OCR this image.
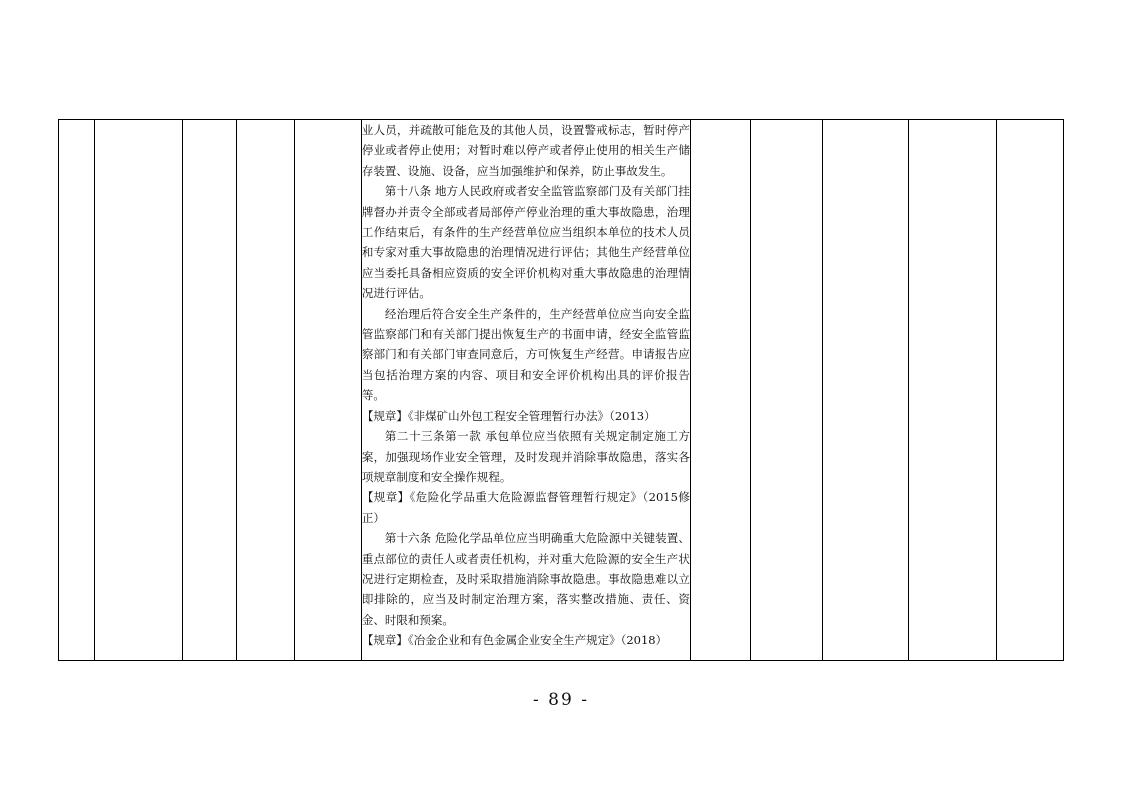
业人员，并疏散可能危及的其他人员，设置警戒标志，暂时停产停业或者停止使用；对暂时难以停产或者停止使用的相关生产储存装置、设施、设备，应当加强维护和保养，防止事故发生。

第十八条 地方人民政府或者安全监管监察部门及有关部门挂牌督办并责令全部或者局部停产停业治理的重大事故隐患，治理工作结束后，有条件的生产经营单位应当组织本单位的技术人员和专家对重大事故隐患的治理情况进行评估；其他生产经营单位应当委托具备相应资质的安全评价机构对重大事故隐患的治理情况进行评估。

经治理后符合安全生产条件的，生产经营单位应当向安全监管监察部门和有关部门提出恢复生产的书面申请，经安全监管监察部门和有关部门审查同意后，方可恢复生产经营。申请报告应当包括治理方案的内容、项目和安全评价机构出具的评价报告等。

【规章】《非煤矿山外包工程安全管理暂行办法》（2013）

第二十三条第一款 承包单位应当依照有关规定制定施工方案，加强现场作业安全管理，及时发现并消除事故隐患，落实各项规章制度和安全操作规程。

【规章】《危险化学品重大危险源监督管理暂行规定》（2015修正）

第十六条 危险化学品单位应当明确重大危险源中关键装置、重点部位的责任人或者责任机构，并对重大危险源的安全生产状况进行定期检查，及时采取措施消除事故隐患。事故隐患难以立即排除的，应当及时制定治理方案，落实整改措施、责任、资金、时限和预案。

【规章】《冶金企业和有色金属企业安全生产规定》（2018）

- 89 -
